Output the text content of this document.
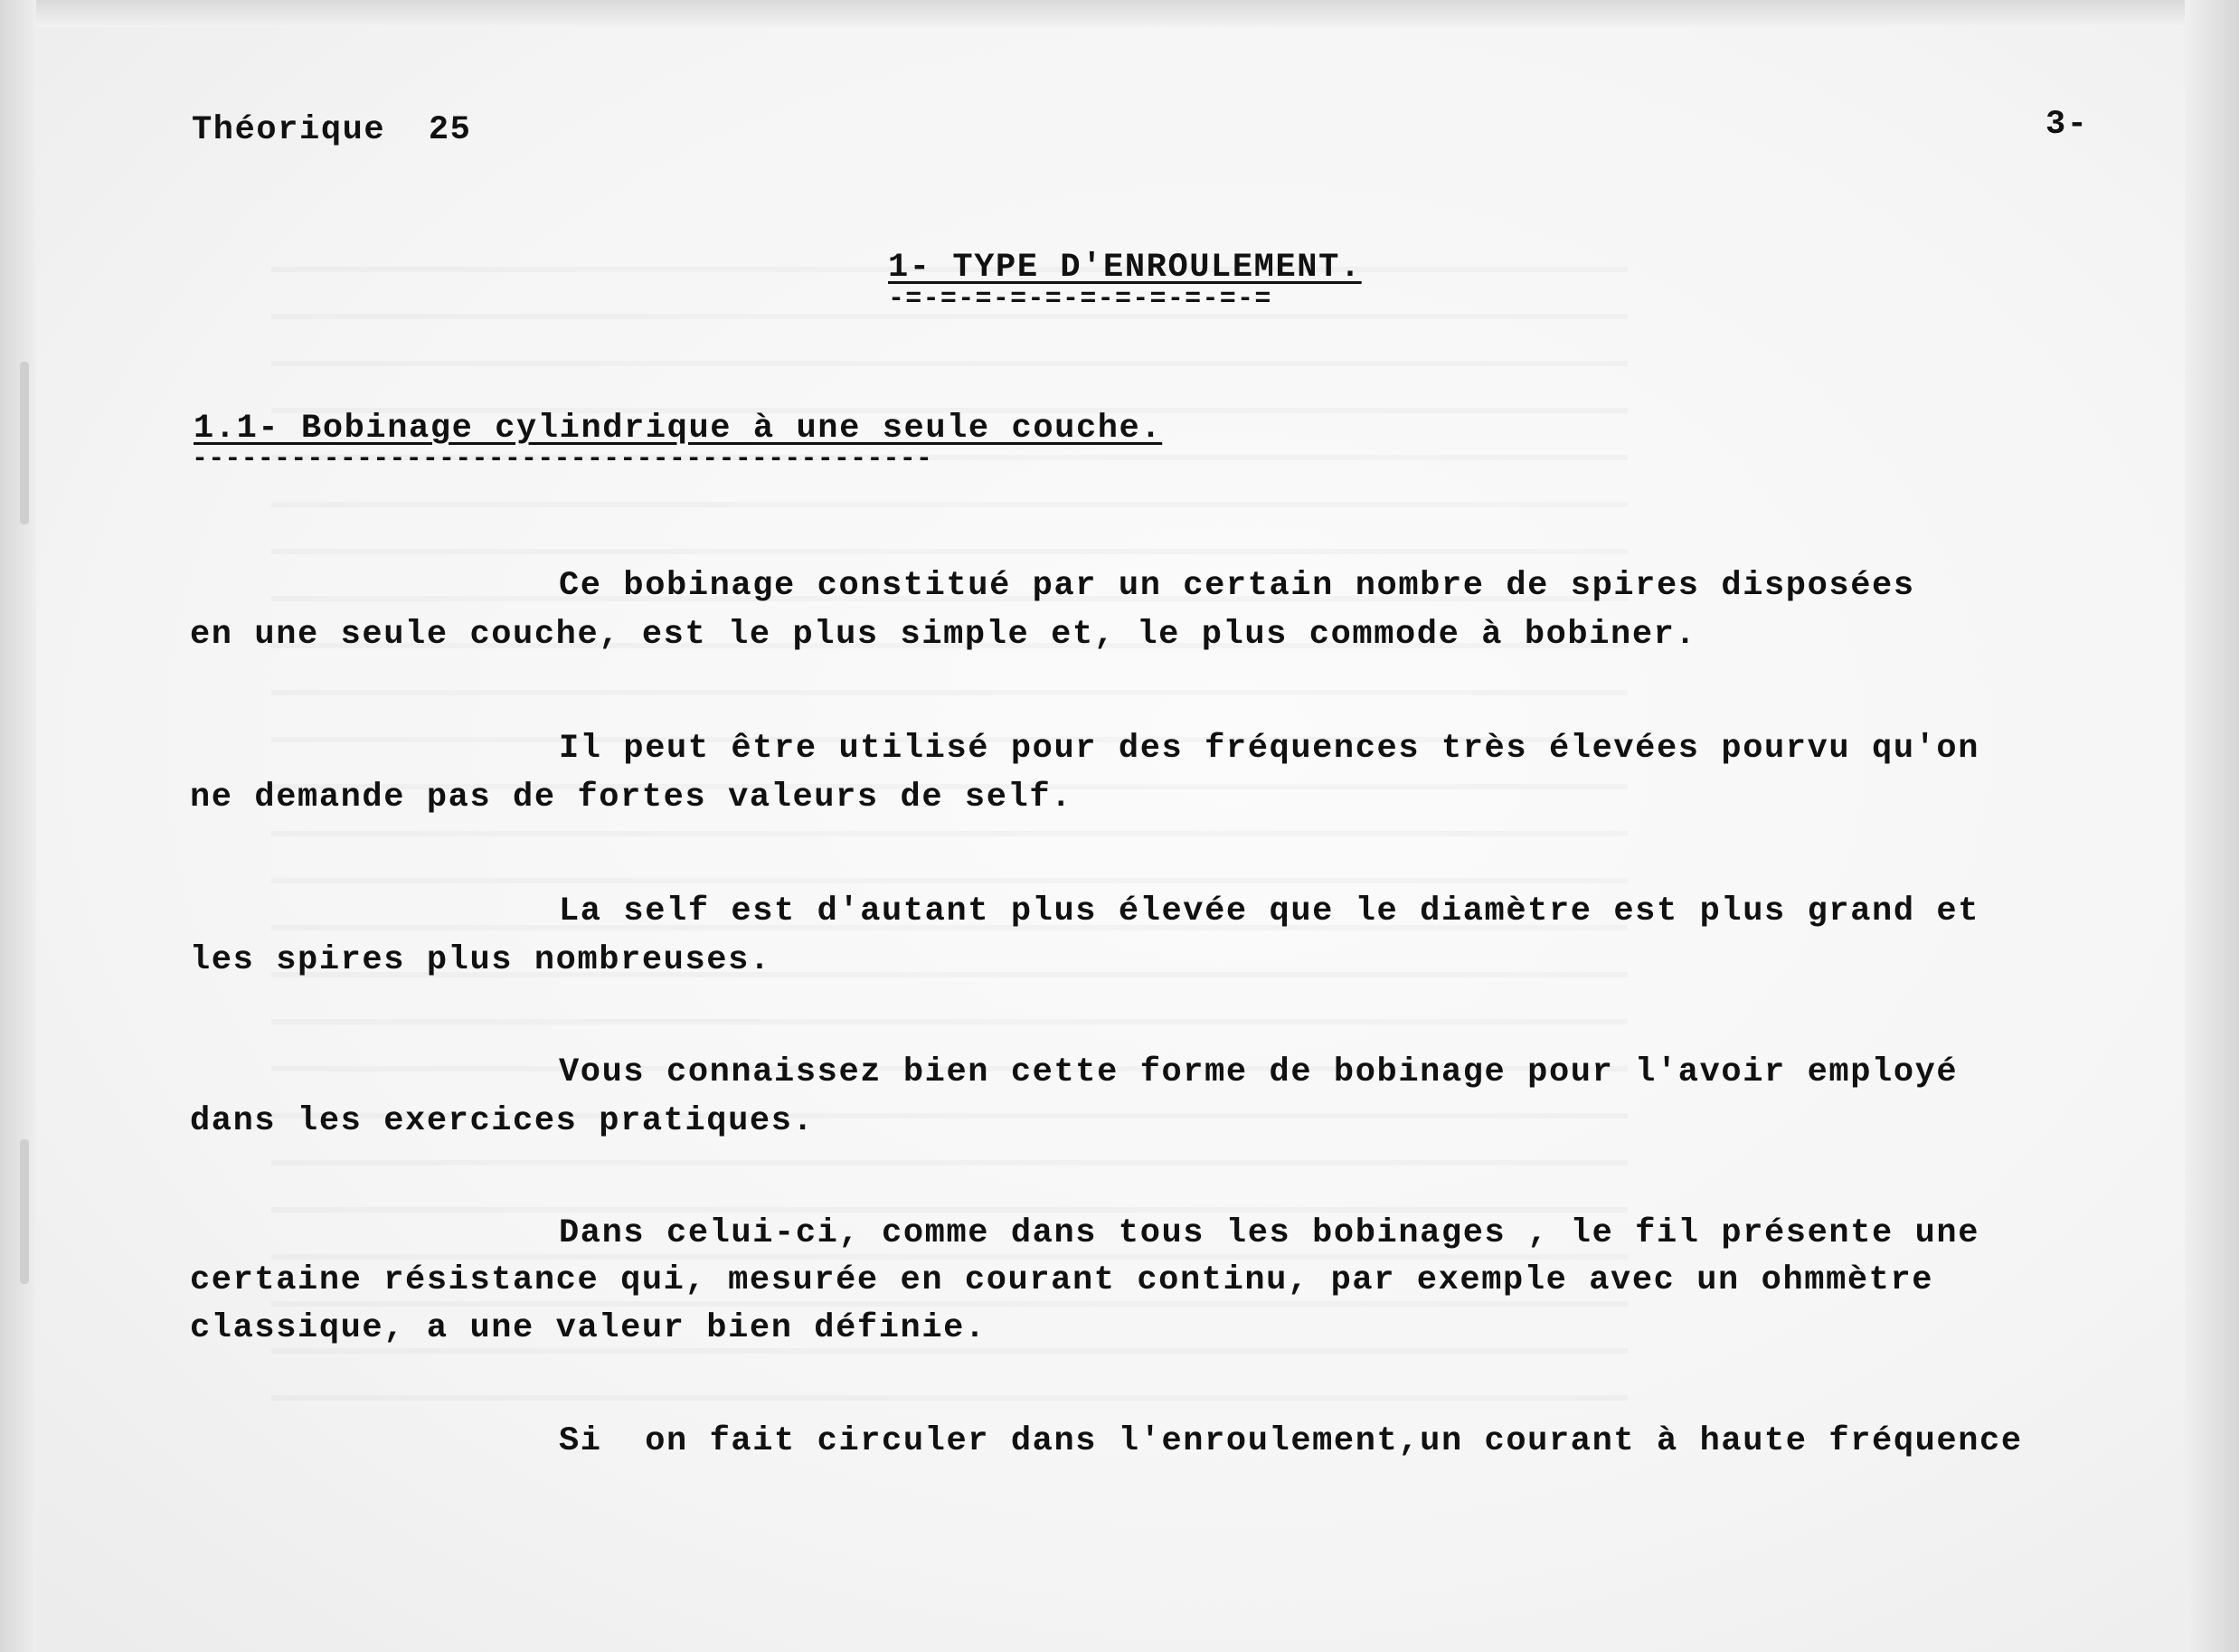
Théorique 25	3-
1- TYPE D'ENROULEMENT.
-=-=-=-=-=-=-=-=-=-=-=
1.1- Bobinage cylindrique à une seule couche.
---------------------------------------------
Ce bobinage constitué par un certain nombre de spires disposées
en une seule couche, est le plus simple et, le plus commode à bobiner.
Il peut être utilisé pour des fréquences très élevées pourvu qu'on
ne demande pas de fortes valeurs de self.
La self est d'autant plus élevée que le diamètre est plus grand et
les spires plus nombreuses.
Vous connaissez bien cette forme de bobinage pour l'avoir employé
dans les exercices pratiques.
Dans celui-ci, comme dans tous les bobinages , le fil présente une
certaine résistance qui, mesurée en courant continu, par exemple avec un ohmmètre
classique, a une valeur bien définie.
Si  on fait circuler dans l'enroulement,un courant à haute fréquence
